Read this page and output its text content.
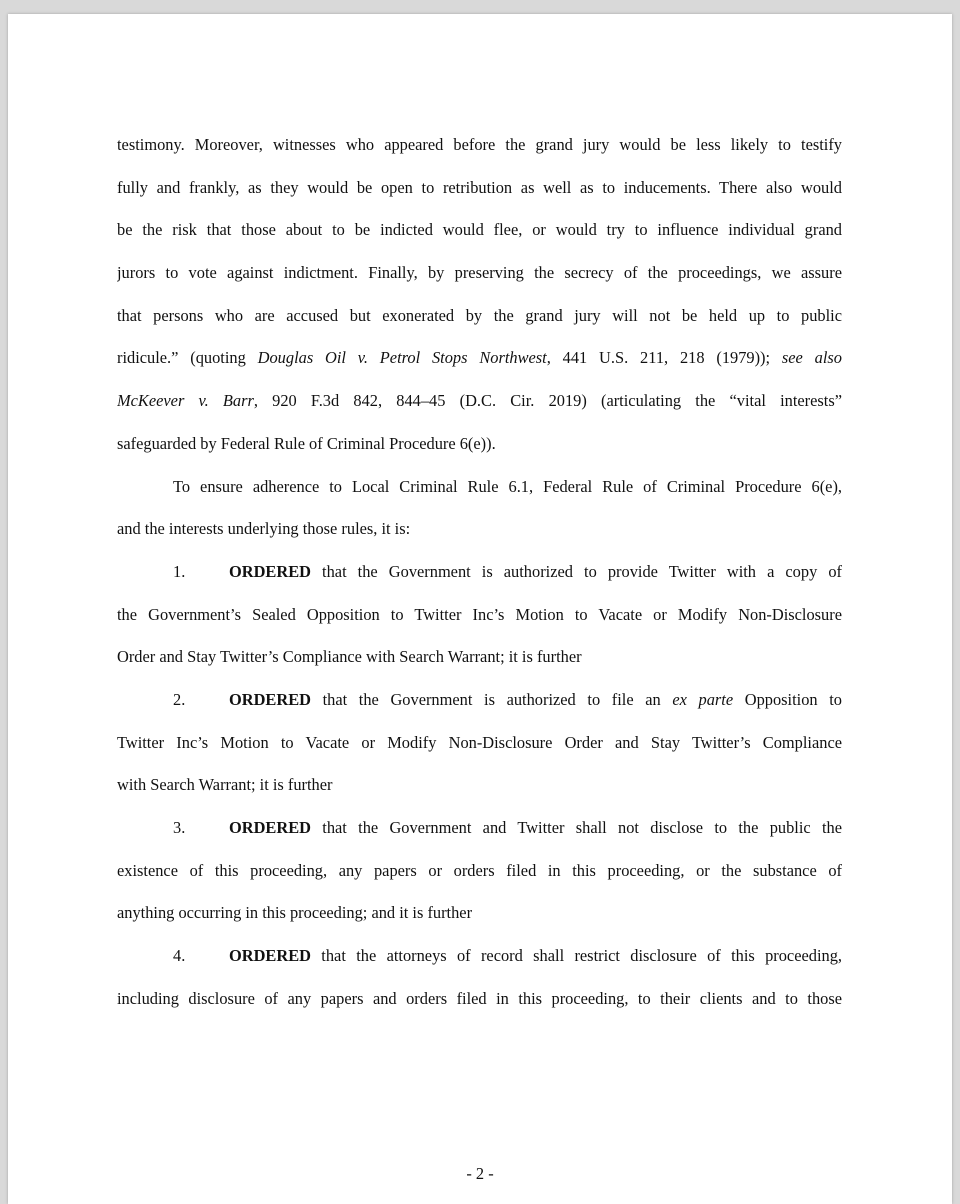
testimony. Moreover, witnesses who appeared before the grand jury would be less likely to testify
fully and frankly, as they would be open to retribution as well as to inducements. There also would
be the risk that those about to be indicted would flee, or would try to influence individual grand
jurors to vote against indictment. Finally, by preserving the secrecy of the proceedings, we assure
that persons who are accused but exonerated by the grand jury will not be held up to public
ridicule.” (quoting Douglas Oil v. Petrol Stops Northwest, 441 U.S. 211, 218 (1979)); see also
McKeever v. Barr, 920 F.3d 842, 844–45 (D.C. Cir. 2019) (articulating the “vital interests”
safeguarded by Federal Rule of Criminal Procedure 6(e)).
To ensure adherence to Local Criminal Rule 6.1, Federal Rule of Criminal Procedure 6(e),
and the interests underlying those rules, it is:
1.	ORDERED that the Government is authorized to provide Twitter with a copy of
the Government’s Sealed Opposition to Twitter Inc’s Motion to Vacate or Modify Non-Disclosure
Order and Stay Twitter’s Compliance with Search Warrant; it is further
2.	ORDERED that the Government is authorized to file an ex parte Opposition to
Twitter Inc’s Motion to Vacate or Modify Non-Disclosure Order and Stay Twitter’s Compliance
with Search Warrant; it is further
3.	ORDERED that the Government and Twitter shall not disclose to the public the
existence of this proceeding, any papers or orders filed in this proceeding, or the substance of
anything occurring in this proceeding; and it is further
4.	ORDERED that the attorneys of record shall restrict disclosure of this proceeding,
including disclosure of any papers and orders filed in this proceeding, to their clients and to those
- 2 -
